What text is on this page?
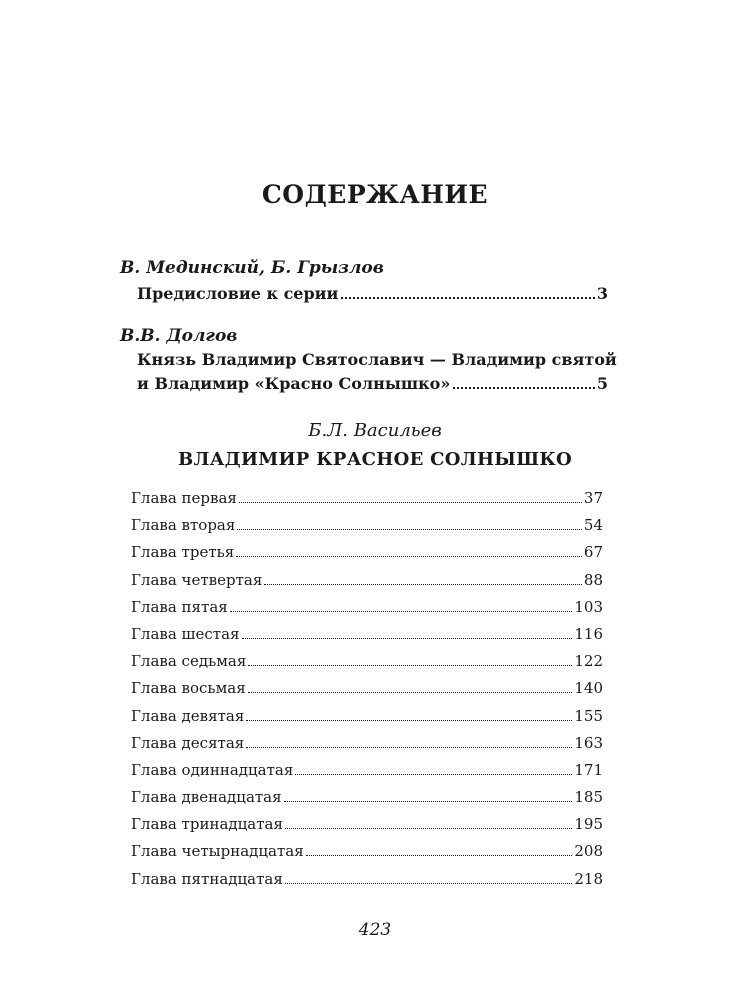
СОДЕРЖАНИЕ
В. Мединский, Б. Грызлов
Предисловие к серии	3
В.В. Долгов
Князь Владимир Святославич — Владимир святой
и Владимир «Красно Солнышко»	5
Б.Л. Васильев
ВЛАДИМИР КРАСНОЕ СОЛНЫШКО
Глава первая	37
Глава вторая	54
Глава третья	67
Глава четвертая	88
Глава пятая	103
Глава шестая	116
Глава седьмая	122
Глава восьмая	140
Глава девятая	155
Глава десятая	163
Глава одиннадцатая	171
Глава двенадцатая	185
Глава тринадцатая	195
Глава четырнадцатая	208
Глава пятнадцатая	218
423
